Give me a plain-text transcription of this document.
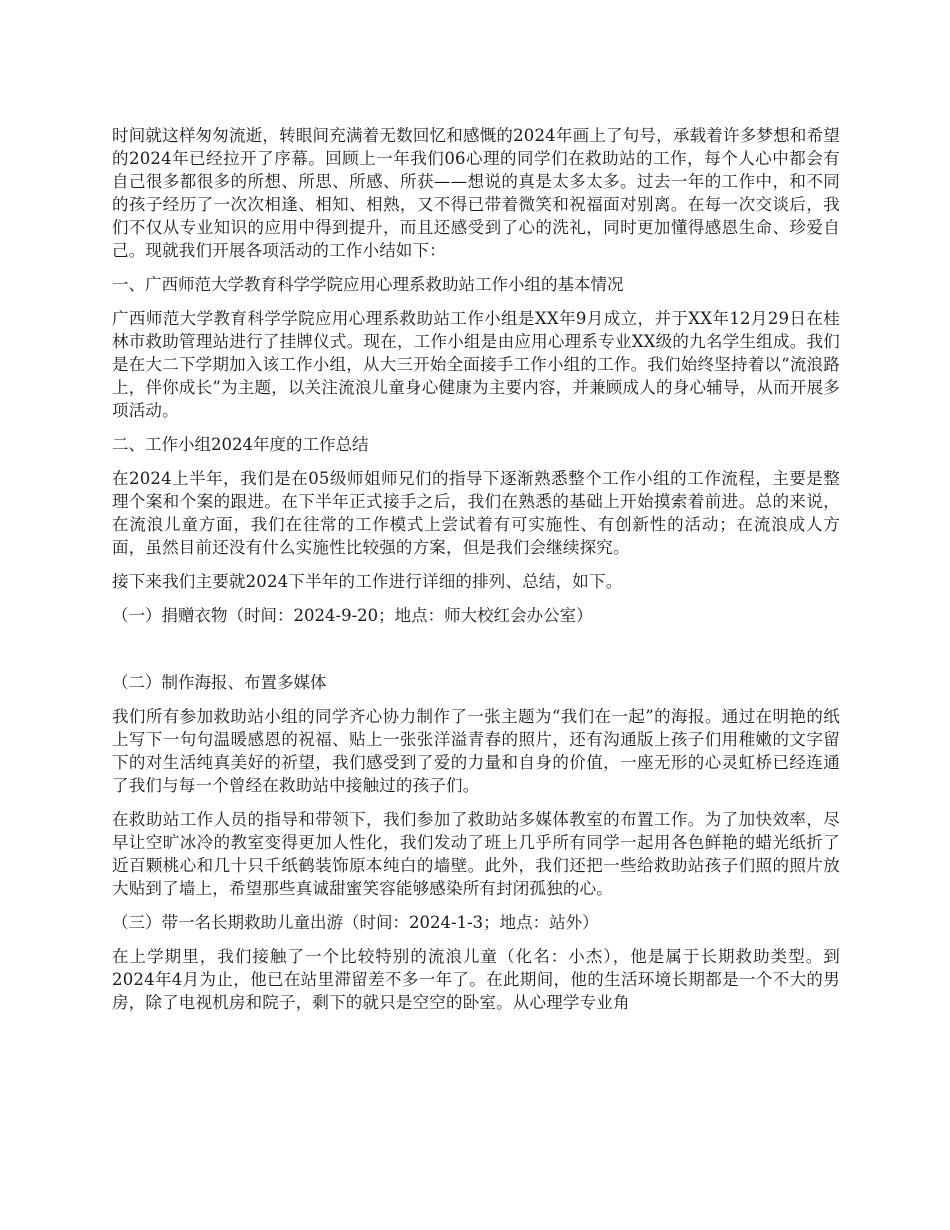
时间就这样匆匆流逝，转眼间充满着无数回忆和感慨的2024年画上了句号，承载着许多梦想和希望的2024年已经拉开了序幕。回顾上一年我们06心理的同学们在救助站的工作，每个人心中都会有自己很多都很多的所想、所思、所感、所获——想说的真是太多太多。过去一年的工作中，和不同的孩子经历了一次次相逢、相知、相熟，又不得已带着微笑和祝福面对别离。在每一次交谈后，我们不仅从专业知识的应用中得到提升，而且还感受到了心的洗礼，同时更加懂得感恩生命、珍爱自己。现就我们开展各项活动的工作小结如下：

一、广西师范大学教育科学学院应用心理系救助站工作小组的基本情况

广西师范大学教育科学学院应用心理系救助站工作小组是XX年9月成立，并于XX年12月29日在桂林市救助管理站进行了挂牌仪式。现在，工作小组是由应用心理系专业XX级的九名学生组成。我们是在大二下学期加入该工作小组，从大三开始全面接手工作小组的工作。我们始终坚持着以“流浪路上，伴你成长”为主题，以关注流浪儿童身心健康为主要内容，并兼顾成人的身心辅导，从而开展多项活动。

二、工作小组2024年度的工作总结

在2024上半年，我们是在05级师姐师兄们的指导下逐渐熟悉整个工作小组的工作流程，主要是整理个案和个案的跟进。在下半年正式接手之后，我们在熟悉的基础上开始摸索着前进。总的来说，在流浪儿童方面，我们在往常的工作模式上尝试着有可实施性、有创新性的活动；在流浪成人方面，虽然目前还没有什么实施性比较强的方案，但是我们会继续探究。

接下来我们主要就2024下半年的工作进行详细的排列、总结，如下。

（一）捐赠衣物（时间：2024-9-20；地点：师大校红会办公室）

（二）制作海报、布置多媒体

我们所有参加救助站小组的同学齐心协力制作了一张主题为“我们在一起”的海报。通过在明艳的纸上写下一句句温暖感恩的祝福、贴上一张张洋溢青春的照片，还有沟通版上孩子们用稚嫩的文字留下的对生活纯真美好的祈望，我们感受到了爱的力量和自身的价值，一座无形的心灵虹桥已经连通了我们与每一个曾经在救助站中接触过的孩子们。

在救助站工作人员的指导和带领下，我们参加了救助站多媒体教室的布置工作。为了加快效率，尽早让空旷冰冷的教室变得更加人性化，我们发动了班上几乎所有同学一起用各色鲜艳的蜡光纸折了近百颗桃心和几十只千纸鹤装饰原本纯白的墙壁。此外，我们还把一些给救助站孩子们照的照片放大贴到了墙上，希望那些真诚甜蜜笑容能够感染所有封闭孤独的心。

（三）带一名长期救助儿童出游（时间：2024-1-3；地点：站外）

在上学期里，我们接触了一个比较特别的流浪儿童（化名：小杰），他是属于长期救助类型。到2024年4月为止，他已在站里滞留差不多一年了。在此期间，他的生活环境长期都是一个不大的男房，除了电视机房和院子，剩下的就只是空空的卧室。从心理学专业角
